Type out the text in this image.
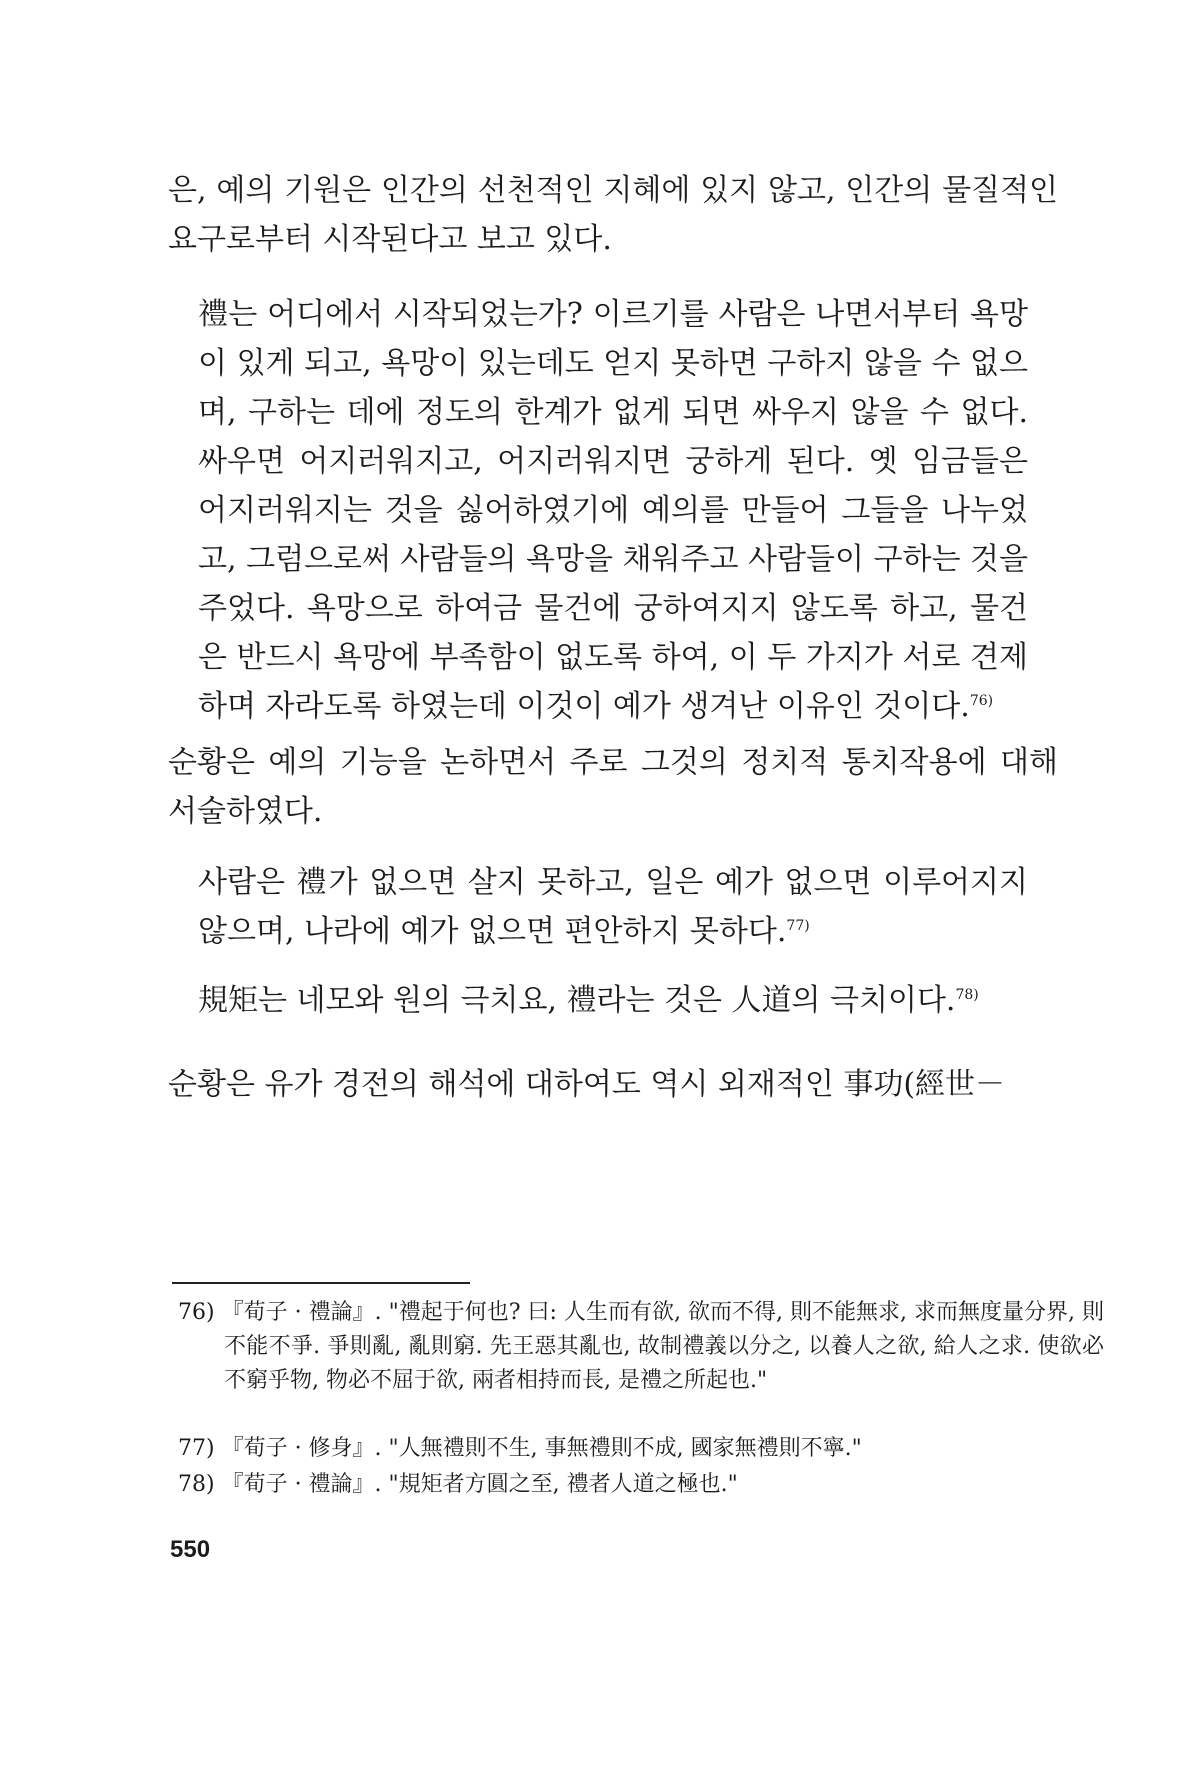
은, 예의 기원은 인간의 선천적인 지혜에 있지 않고, 인간의 물질적인 요구로부터 시작된다고 보고 있다.

禮는 어디에서 시작되었는가? 이르기를 사람은 나면서부터 욕망이 있게 되고, 욕망이 있는데도 얻지 못하면 구하지 않을 수 없으며, 구하는 데에 정도의 한계가 없게 되면 싸우지 않을 수 없다. 싸우면 어지러워지고, 어지러워지면 궁하게 된다. 옛 임금들은 어지러워지는 것을 싫어하였기에 예의를 만들어 그들을 나누었고, 그럼으로써 사람들의 욕망을 채워주고 사람들이 구하는 것을 주었다. 욕망으로 하여금 물건에 궁하여지지 않도록 하고, 물건은 반드시 욕망에 부족함이 없도록 하여, 이 두 가지가 서로 견제하며 자라도록 하였는데 이것이 예가 생겨난 이유인 것이다.$^{76)}$

순황은 예의 기능을 논하면서 주로 그것의 정치적 통치작용에 대해 서술하였다.

사람은 禮가 없으면 살지 못하고, 일은 예가 없으면 이루어지지 않으며, 나라에 예가 없으면 편안하지 못하다.$^{77)}$

規矩는 네모와 원의 극치요, 禮라는 것은 人道의 극치이다.$^{78)}$

순황은 유가 경전의 해석에 대하여도 역시 외재적인 事功(經世－

76) 『荀子 · 禮論』. "禮起于何也? 曰: 人生而有欲, 欲而不得, 則不能無求, 求而無度量分界, 則不能不爭. 爭則亂, 亂則窮. 先王惡其亂也, 故制禮義以分之, 以養人之欲, 給人之求. 使欲必不窮乎物, 物必不屈于欲, 兩者相持而長, 是禮之所起也."

77) 『荀子 · 修身』. "人無禮則不生, 事無禮則不成, 國家無禮則不寧."

78) 『荀子 · 禮論』. "規矩者方圓之至, 禮者人道之極也."

550
